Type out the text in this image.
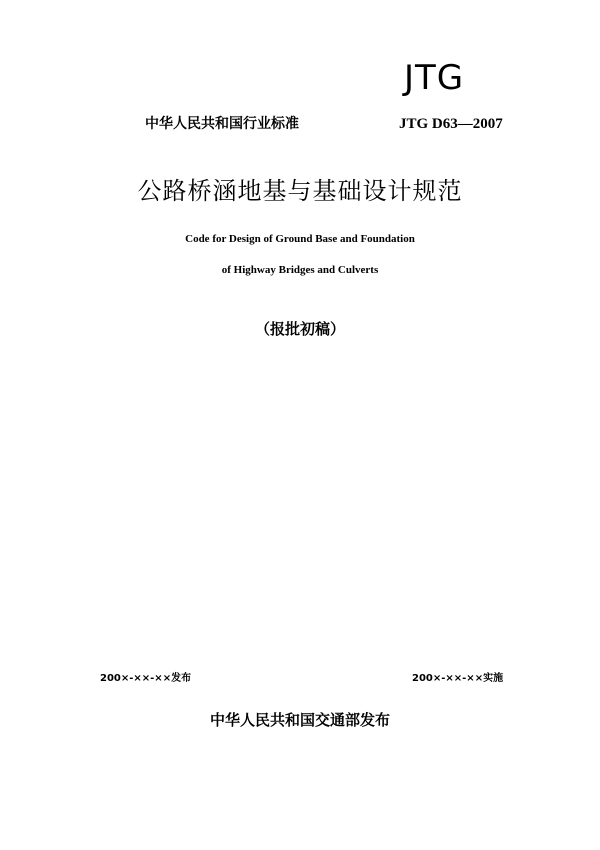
JTG
中华人民共和国行业标准	JTG D63—2007
公路桥涵地基与基础设计规范
Code for Design of Ground Base and Foundation
of Highway Bridges and Culverts
（报批初稿）
200×-××-××发布	200×-××-××实施
中华人民共和国交通部发布
